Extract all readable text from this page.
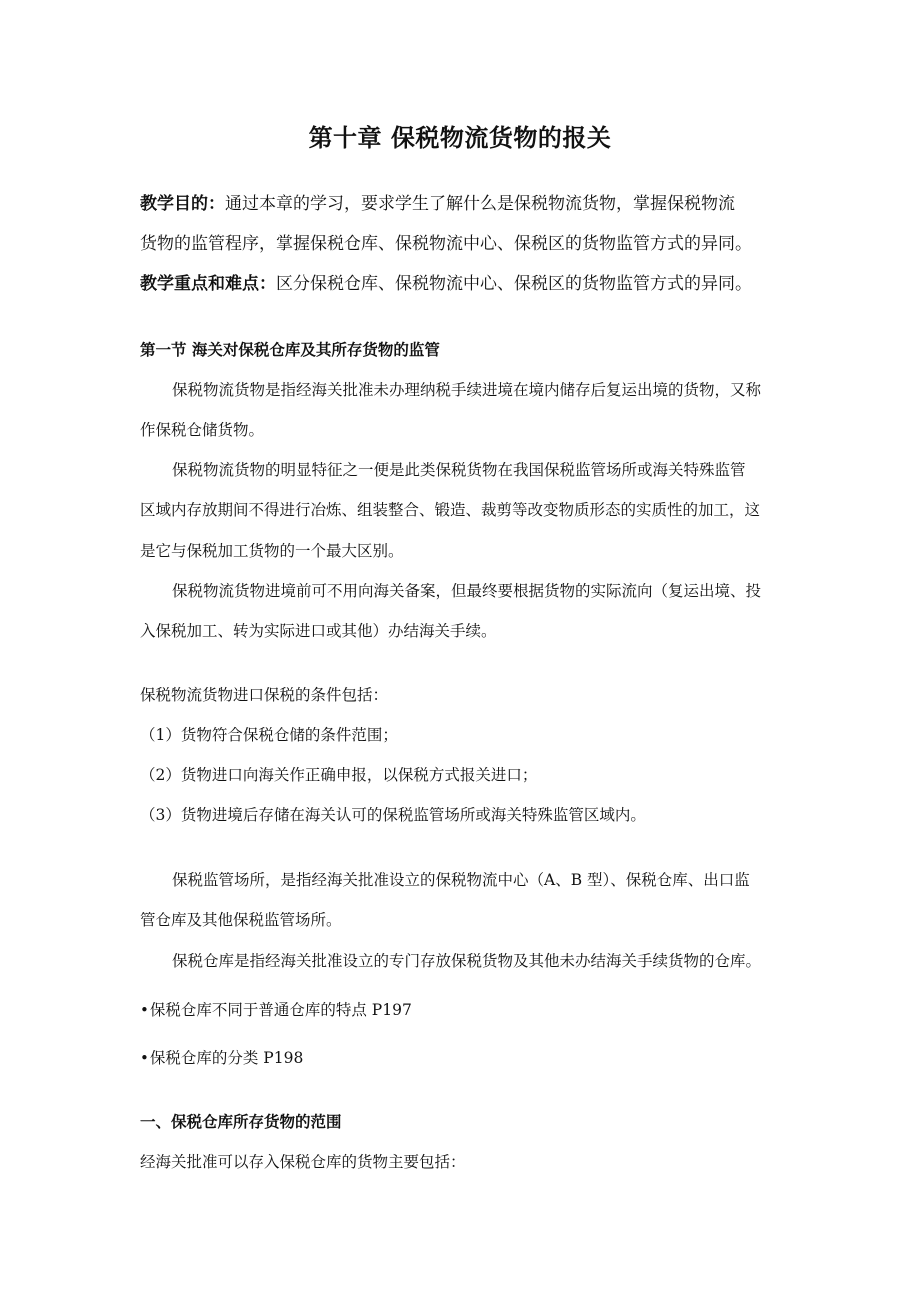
第十章 保税物流货物的报关
教学目的：通过本章的学习，要求学生了解什么是保税物流货物，掌握保税物流
货物的监管程序，掌握保税仓库、保税物流中心、保税区的货物监管方式的异同。
教学重点和难点：区分保税仓库、保税物流中心、保税区的货物监管方式的异同。
第一节 海关对保税仓库及其所存货物的监管
保税物流货物是指经海关批准未办理纳税手续进境在境内储存后复运出境的货物，又称
作保税仓储货物。
保税物流货物的明显特征之一便是此类保税货物在我国保税监管场所或海关特殊监管
区域内存放期间不得进行冶炼、组装整合、锻造、裁剪等改变物质形态的实质性的加工，这
是它与保税加工货物的一个最大区别。
保税物流货物进境前可不用向海关备案，但最终要根据货物的实际流向（复运出境、投
入保税加工、转为实际进口或其他）办结海关手续。
保税物流货物进口保税的条件包括：
（1）货物符合保税仓储的条件范围；
（2）货物进口向海关作正确申报，以保税方式报关进口；
（3）货物进境后存储在海关认可的保税监管场所或海关特殊监管区域内。
保税监管场所，是指经海关批准设立的保税物流中心（A、B 型）、保税仓库、出口监
管仓库及其他保税监管场所。
保税仓库是指经海关批准设立的专门存放保税货物及其他未办结海关手续货物的仓库。
•保税仓库不同于普通仓库的特点 P197
•保税仓库的分类 P198
一、保税仓库所存货物的范围
经海关批准可以存入保税仓库的货物主要包括：
